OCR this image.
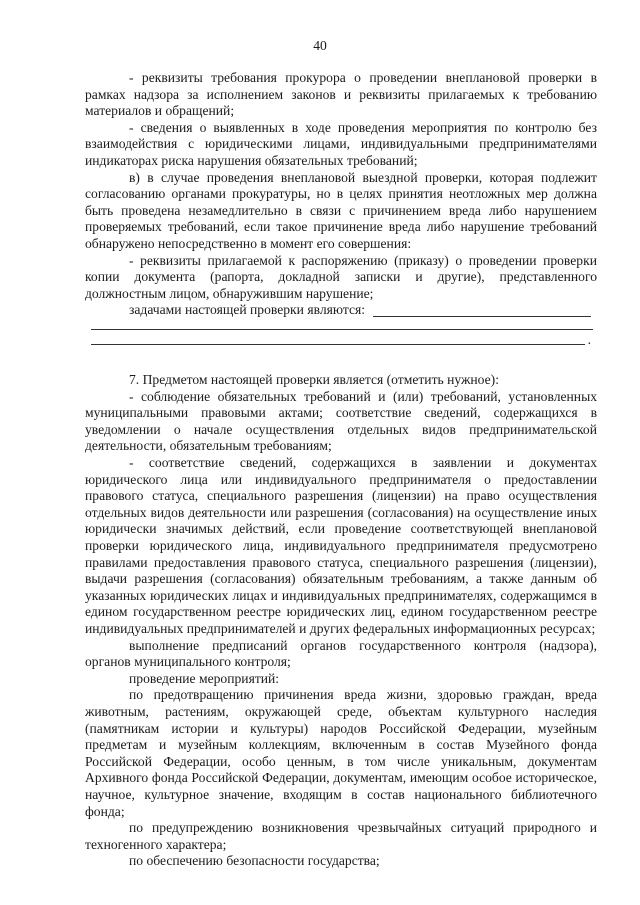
40

- реквизиты требования прокурора о проведении внеплановой проверки в рамках надзора за исполнением законов и реквизиты прилагаемых к требованию материалов и обращений;

- сведения о выявленных в ходе проведения мероприятия по контролю без взаимодействия с юридическими лицами, индивидуальными предпринимателями индикаторах риска нарушения обязательных требований;

в) в случае проведения внеплановой выездной проверки, которая подлежит согласованию органами прокуратуры, но в целях принятия неотложных мер должна быть проведена незамедлительно в связи с причинением вреда либо нарушением проверяемых требований, если такое причинение вреда либо нарушение требований обнаружено непосредственно в момент его совершения:

- реквизиты прилагаемой к распоряжению (приказу) о проведении проверки копии документа (рапорта, докладной записки и другие), представленного должностным лицом, обнаружившим нарушение;

задачами настоящей проверки являются:
.

7. Предметом настоящей проверки является (отметить нужное):

- соблюдение обязательных требований и (или) требований, установленных муниципальными правовыми актами; соответствие сведений, содержащихся в уведомлении о начале осуществления отдельных видов предпринимательской деятельности, обязательным требованиям;

- соответствие сведений, содержащихся в заявлении и документах юридического лица или индивидуального предпринимателя о предоставлении правового статуса, специального разрешения (лицензии) на право осуществления отдельных видов деятельности или разрешения (согласования) на осуществление иных юридически значимых действий, если проведение соответствующей внеплановой проверки юридического лица, индивидуального предпринимателя предусмотрено правилами предоставления правового статуса, специального разрешения (лицензии), выдачи разрешения (согласования) обязательным требованиям, а также данным об указанных юридических лицах и индивидуальных предпринимателях, содержащимся в едином государственном реестре юридических лиц, едином государственном реестре индивидуальных предпринимателей и других федеральных информационных ресурсах;

выполнение предписаний органов государственного контроля (надзора), органов муниципального контроля;

проведение мероприятий:

по предотвращению причинения вреда жизни, здоровью граждан, вреда животным, растениям, окружающей среде, объектам культурного наследия (памятникам истории и культуры) народов Российской Федерации, музейным предметам и музейным коллекциям, включенным в состав Музейного фонда Российской Федерации, особо ценным, в том числе уникальным, документам Архивного фонда Российской Федерации, документам, имеющим особое историческое, научное, культурное значение, входящим в состав национального библиотечного фонда;

по предупреждению возникновения чрезвычайных ситуаций природного и техногенного характера;

по обеспечению безопасности государства;
